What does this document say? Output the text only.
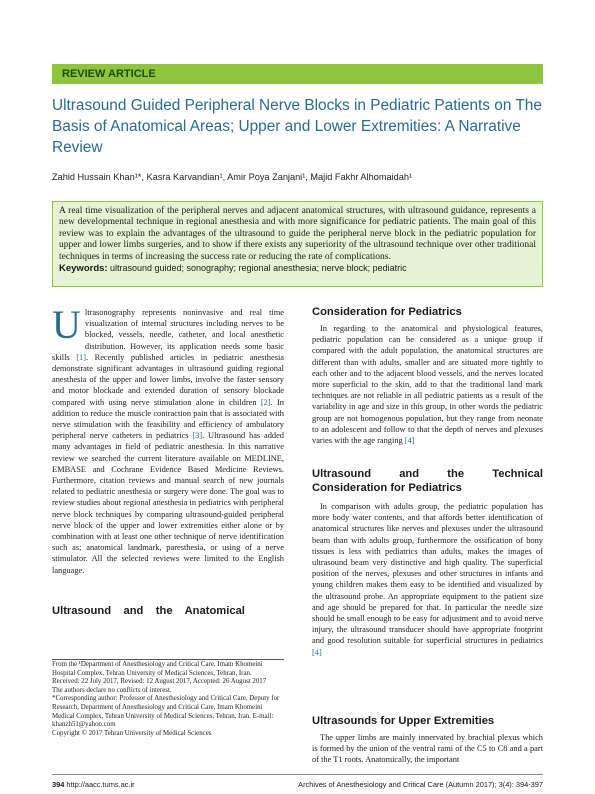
REVIEW ARTICLE
Ultrasound Guided Peripheral Nerve Blocks in Pediatric Patients on The Basis of Anatomical Areas; Upper and Lower Extremities: A Narrative Review
Zahid Hussain Khan¹*, Kasra Karvandian¹, Amir Poya Zanjani¹, Majid Fakhr Alhomaidah¹
A real time visualization of the peripheral nerves and adjacent anatomical structures, with ultrasound guidance, represents a new developmental technique in regional anesthesia and with more significance for pediatric patients. The main goal of this review was to explain the advantages of the ultrasound to guide the peripheral nerve block in the pediatric population for upper and lower limbs surgeries, and to show if there exists any superiority of the ultrasound technique over other traditional techniques in terms of increasing the success rate or reducing the rate of complications.
Keywords: ultrasound guided; sonography; regional anesthesia; nerve block; pediatric

Ultrasonography represents noninvasive and real time visualization of internal structures including nerves to be blocked, vessels, needle, catheter, and local anesthetic distribution. However, its application needs some basic skills [1]. Recently published articles in pediatric anesthesia demonstrate significant advantages in ultrasound guiding regional anesthesia of the upper and lower limbs, involve the faster sensory and motor blockade and extended duration of sensory blockade compared with using nerve stimulation alone in children [2]. In addition to reduce the muscle contraction pain that is associated with nerve stimulation with the feasibility and efficiency of ambulatory peripheral nerve catheters in pediatrics [3]. Ultrasound has added many advantages in field of pediatric anesthesia. In this narrative review we searched the current literature available on MEDLINE, EMBASE and Cochrane Evidence Based Medicine Reviews. Furthermore, citation reviews and manual search of new journals related to pediatric anesthesia or surgery were done. The goal was to review studies about regional anesthesia in pediatrics with peripheral nerve block techniques by comparing ultrasound-guided peripheral nerve block of the upper and lower extremities either alone or by combination with at least one other technique of nerve identification such as; anatomical landmark, paresthesia, or using of a nerve stimulator. All the selected reviews were limited to the English language.

Ultrasound    and    the    Anatomical
From the ¹Department of Anesthesiology and Critical Care, Imam Khomeini Hospital Complex, Tehran University of Medical Sciences, Tehran, Iran.
Received: 22 July 2017, Revised: 12 August 2017, Accepted: 26 August 2017
The authors declare no conflicts of interest.
*Corresponding author: Professor of Anesthesiology and Critical Care, Deputy for Research, Department of Anesthesiology and Critical Care, Imam Khomeini Medical Complex, Tehran University of Medical Sciences, Tehran, Iran. E-mail: khanzh51@yahoo.com
Copyright © 2017 Tehran University of Medical Sciences
Consideration for Pediatrics

In regarding to the anatomical and physiological features, pediatric population can be considered as a unique group if compared with the adult population, the anatomical structures are different than with adults, smaller and are situated more tightly to each other and to the adjacent blood vessels, and the nerves located more superficial to the skin, add to that the traditional land mark techniques are not reliable in all pediatric patients as a result of the variability in age and size in this group, in other words the pediatric group are not homogenous population, but they range from neonate to an adolescent and follow to that the depth of nerves and plexuses varies with the age ranging [4]

Ultrasound    and    the    Technical Consideration for Pediatrics

In comparison with adults group, the pediatric population has more body water contents, and that affords better identification of anatomical structures like nerves and plexuses under the ultrasound beam than with adults group, furthermore the ossification of bony tissues is less with pediatrics than adults, makes the images of ultrasound beam very distinctive and high quality. The superficial position of the nerves, plexuses and other structures in infants and young children makes them easy to be identified and visualized by the ultrasound probe. An appropriate equipment to the patient size and age should be prepared for that. In particular the needle size should be small enough to be easy for adjustment and to avoid nerve injury, the ultrasound transducer should have appropriate footprint and good resolution suitable for superficial structures in pediatrics [4]

Ultrasounds for Upper Extremities

The upper limbs are mainly innervated by brachial plexus which is formed by the union of the ventral rami of the C5 to C8 and a part of the T1 roots. Anatomically, the important

394 http://aacc.tums.ac.ir	Archives of Anesthesiology and Critical Care (Autumn 2017); 3(4): 394-397
